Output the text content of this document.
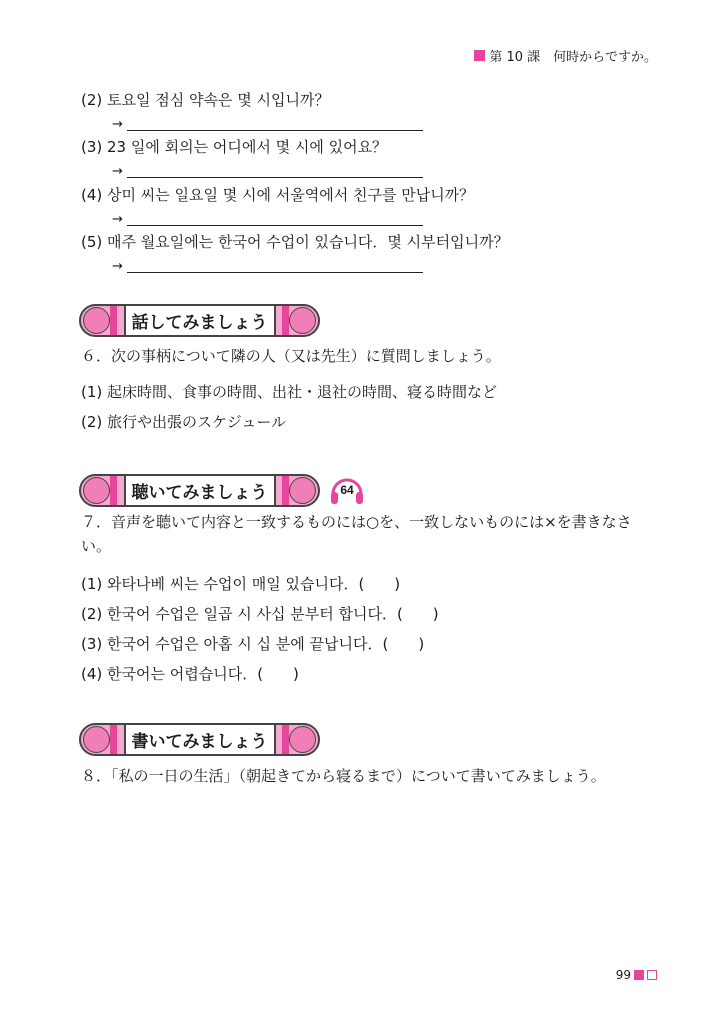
第 10 課　何時からですか。
(2) 토요일 점심 약속은 몇 시입니까？
→
(3) 23 일에 회의는 어디에서 몇 시에 있어요？
→
(4) 상미 씨는 일요일 몇 시에 서울역에서 친구를 만납니까？
→
(5) 매주 월요일에는 한국어 수업이 있습니다．몇 시부터입니까？
→
話してみましょう
６．次の事柄について隣の人（又は先生）に質問しましょう。
(1) 起床時間、食事の時間、出社・退社の時間、寝る時間など
(2) 旅行や出張のスケジュール
聴いてみましょう	64
７．音声を聴いて内容と一致するものには○を、一致しないものには×を書きなさい。
(1) 와타나베 씨는 수업이 매일 있습니다．(　　)
(2) 한국어 수업은 일곱 시 사십 분부터 합니다．(　　)
(3) 한국어 수업은 아홉 시 십 분에 끝납니다．(　　)
(4) 한국어는 어렵습니다．(　　)
書いてみましょう
８．「私の一日の生活」（朝起きてから寝るまで）について書いてみましょう。
99
